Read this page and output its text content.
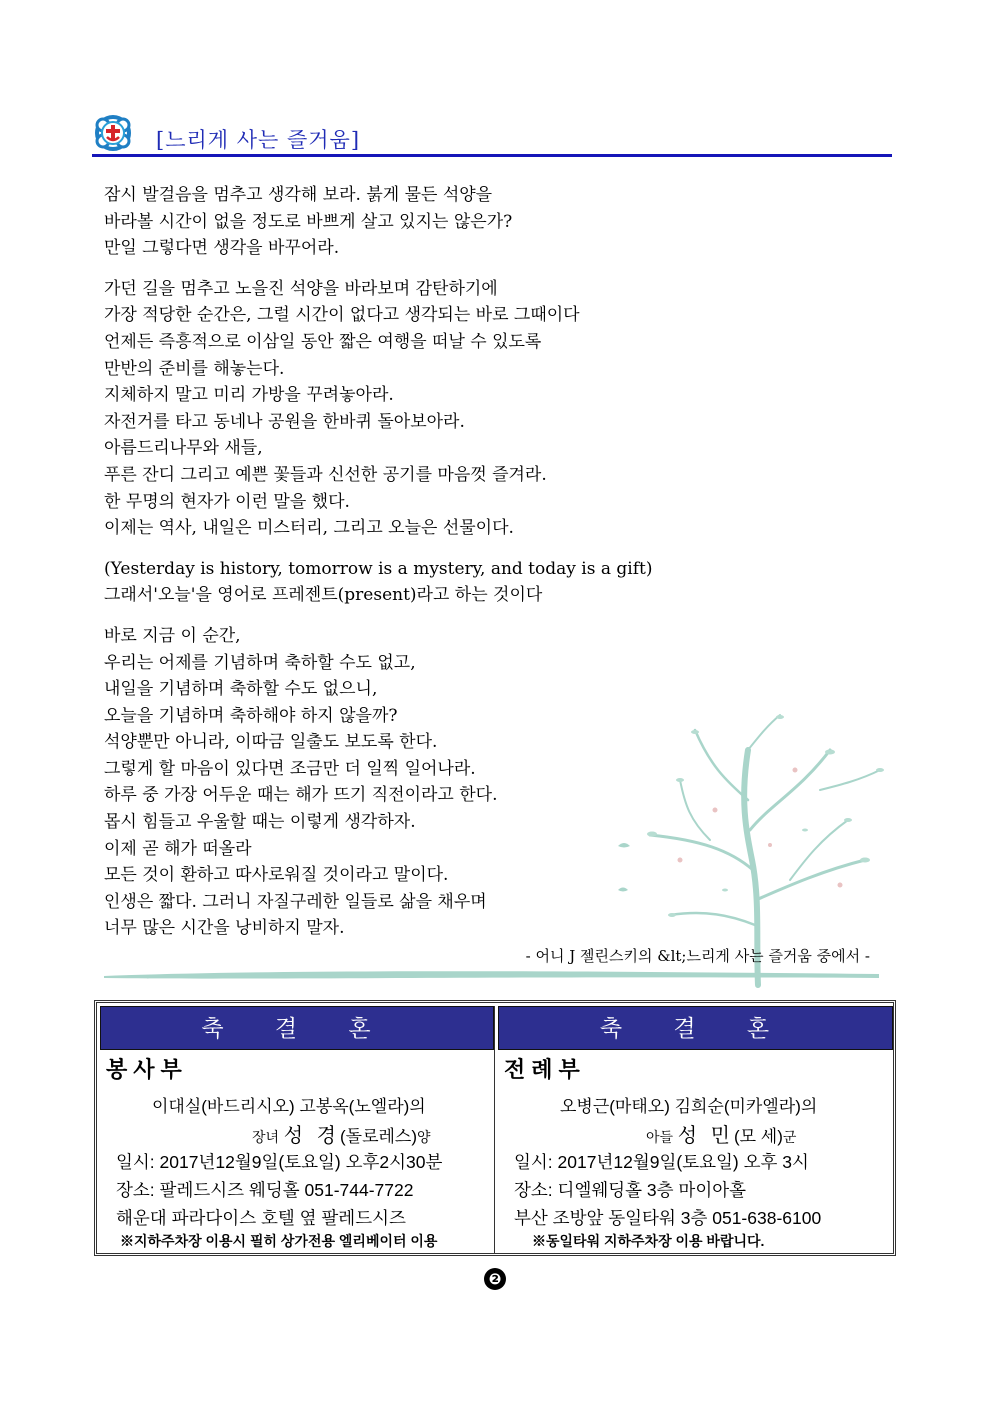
[느리게 사는 즐거움]
잠시 발걸음을 멈추고 생각해 보라. 붉게 물든 석양을
바라볼 시간이 없을 정도로 바쁘게 살고 있지는 않은가?
만일 그렇다면 생각을 바꾸어라.
가던 길을 멈추고 노을진 석양을 바라보며 감탄하기에
가장 적당한 순간은, 그럴 시간이 없다고 생각되는 바로 그때이다
언제든 즉흥적으로 이삼일 동안 짧은 여행을 떠날 수 있도록
만반의 준비를 해놓는다.
지체하지 말고 미리 가방을 꾸려놓아라.
자전거를 타고 동네나 공원을 한바퀴 돌아보아라.
아름드리나무와 새들,
푸른 잔디 그리고 예쁜 꽃들과 신선한 공기를 마음껏 즐겨라.
한 무명의 현자가 이런 말을 했다.
이제는 역사, 내일은 미스터리, 그리고 오늘은 선물이다.
(Yesterday is history, tomorrow is a mystery, and today is a gift)
그래서'오늘'을 영어로 프레젠트(present)라고 하는 것이다
바로 지금 이 순간,
우리는 어제를 기념하며 축하할 수도 없고,
내일을 기념하며 축하할 수도 없으니,
오늘을 기념하며 축하해야 하지 않을까?
석양뿐만 아니라, 이따금 일출도 보도록 한다.
그렇게 할 마음이 있다면 조금만 더 일찍 일어나라.
하루 중 가장 어두운 때는 해가 뜨기 직전이라고 한다.
몹시 힘들고 우울할 때는 이렇게 생각하자.
이제 곧 해가 떠올라
모든 것이 환하고 따사로워질 것이라고 말이다.
인생은 짧다. 그러니 자질구레한 일들로 삶을 채우며
너무 많은 시간을 낭비하지 말자.
- 어니 J 젤린스키의 &lt;느리게 사는 즐거움 중에서 -
축 결 혼
봉사부
이대실(바드리시오) 고봉옥(노엘라)의
장녀 성 경(돌로레스)양
일시: 2017년12월9일(토요일) 오후2시30분
장소: 팔레드시즈 웨딩홀 051-744-7722
해운대 파라다이스 호텔 옆 팔레드시즈
※지하주차장 이용시 필히 상가전용 엘리베이터 이용
축 결 혼
전례부
오병근(마태오) 김희순(미카엘라)의
아들 성 민(모 세)군
일시: 2017년12월9일(토요일) 오후 3시
장소: 디엘웨딩홀 3층 마이아홀
부산 조방앞 동일타워 3층 051-638-6100
※동일타워 지하주차장 이용 바랍니다.
❷
